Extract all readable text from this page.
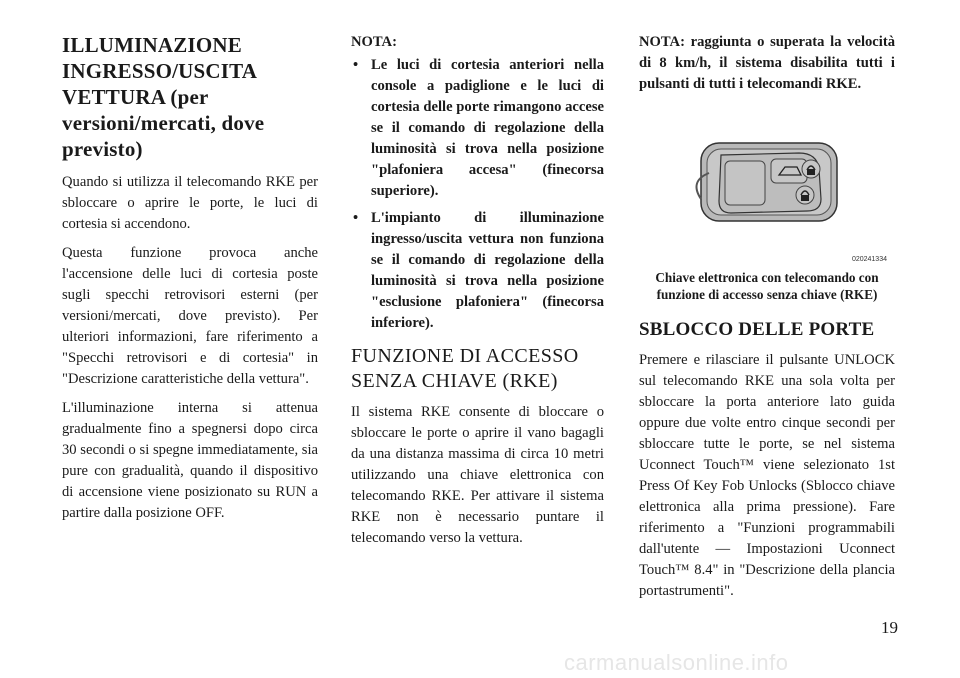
ILLUMINAZIONE INGRESSO/USCITA VETTURA (per versioni/mercati, dove previsto)

Quando si utilizza il telecomando RKE per sbloccare o aprire le porte, le luci di cortesia si accendono.

Questa funzione provoca anche l'accensione delle luci di cortesia poste sugli specchi retrovisori esterni (per versioni/mercati, dove previsto). Per ulteriori informazioni, fare riferimento a "Specchi retrovisori e di cortesia" in "Descrizione caratteristiche della vettura".

L'illuminazione interna si attenua gradualmente fino a spegnersi dopo circa 30 secondi o si spegne immediatamente, sia pure con gradualità, quando il dispositivo di accensione viene posizionato su RUN a partire dalla posizione OFF.

NOTA:
• Le luci di cortesia anteriori nella console a padiglione e le luci di cortesia delle porte rimangono accese se il comando di regolazione della luminosità si trova nella posizione "plafoniera accesa" (finecorsa superiore).
• L'impianto di illuminazione ingresso/uscita vettura non funziona se il comando di regolazione della luminosità si trova nella posizione "esclusione plafoniera" (finecorsa inferiore).
FUNZIONE DI ACCESSO SENZA CHIAVE (RKE)

Il sistema RKE consente di bloccare o sbloccare le porte o aprire il vano bagagli da una distanza massima di circa 10 metri utilizzando una chiave elettronica con telecomando RKE. Per attivare il sistema RKE non è necessario puntare il telecomando verso la vettura.

NOTA: raggiunta o superata la velocità di 8 km/h, il sistema disabilita tutti i pulsanti di tutti i telecomandi RKE.

020241334
Chiave elettronica con telecomando con funzione di accesso senza chiave (RKE)
SBLOCCO DELLE PORTE

Premere e rilasciare il pulsante UNLOCK sul telecomando RKE una sola volta per sbloccare la porta anteriore lato guida oppure due volte entro cinque secondi per sbloccare tutte le porte, se nel sistema Uconnect Touch™ viene selezionato 1st Press Of Key Fob Unlocks (Sblocco chiave elettronica alla prima pressione). Fare riferimento a "Funzioni programmabili dall'utente — Impostazioni Uconnect Touch™ 8.4" in "Descrizione della plancia portastrumenti".

19
carmanualsonline.info
